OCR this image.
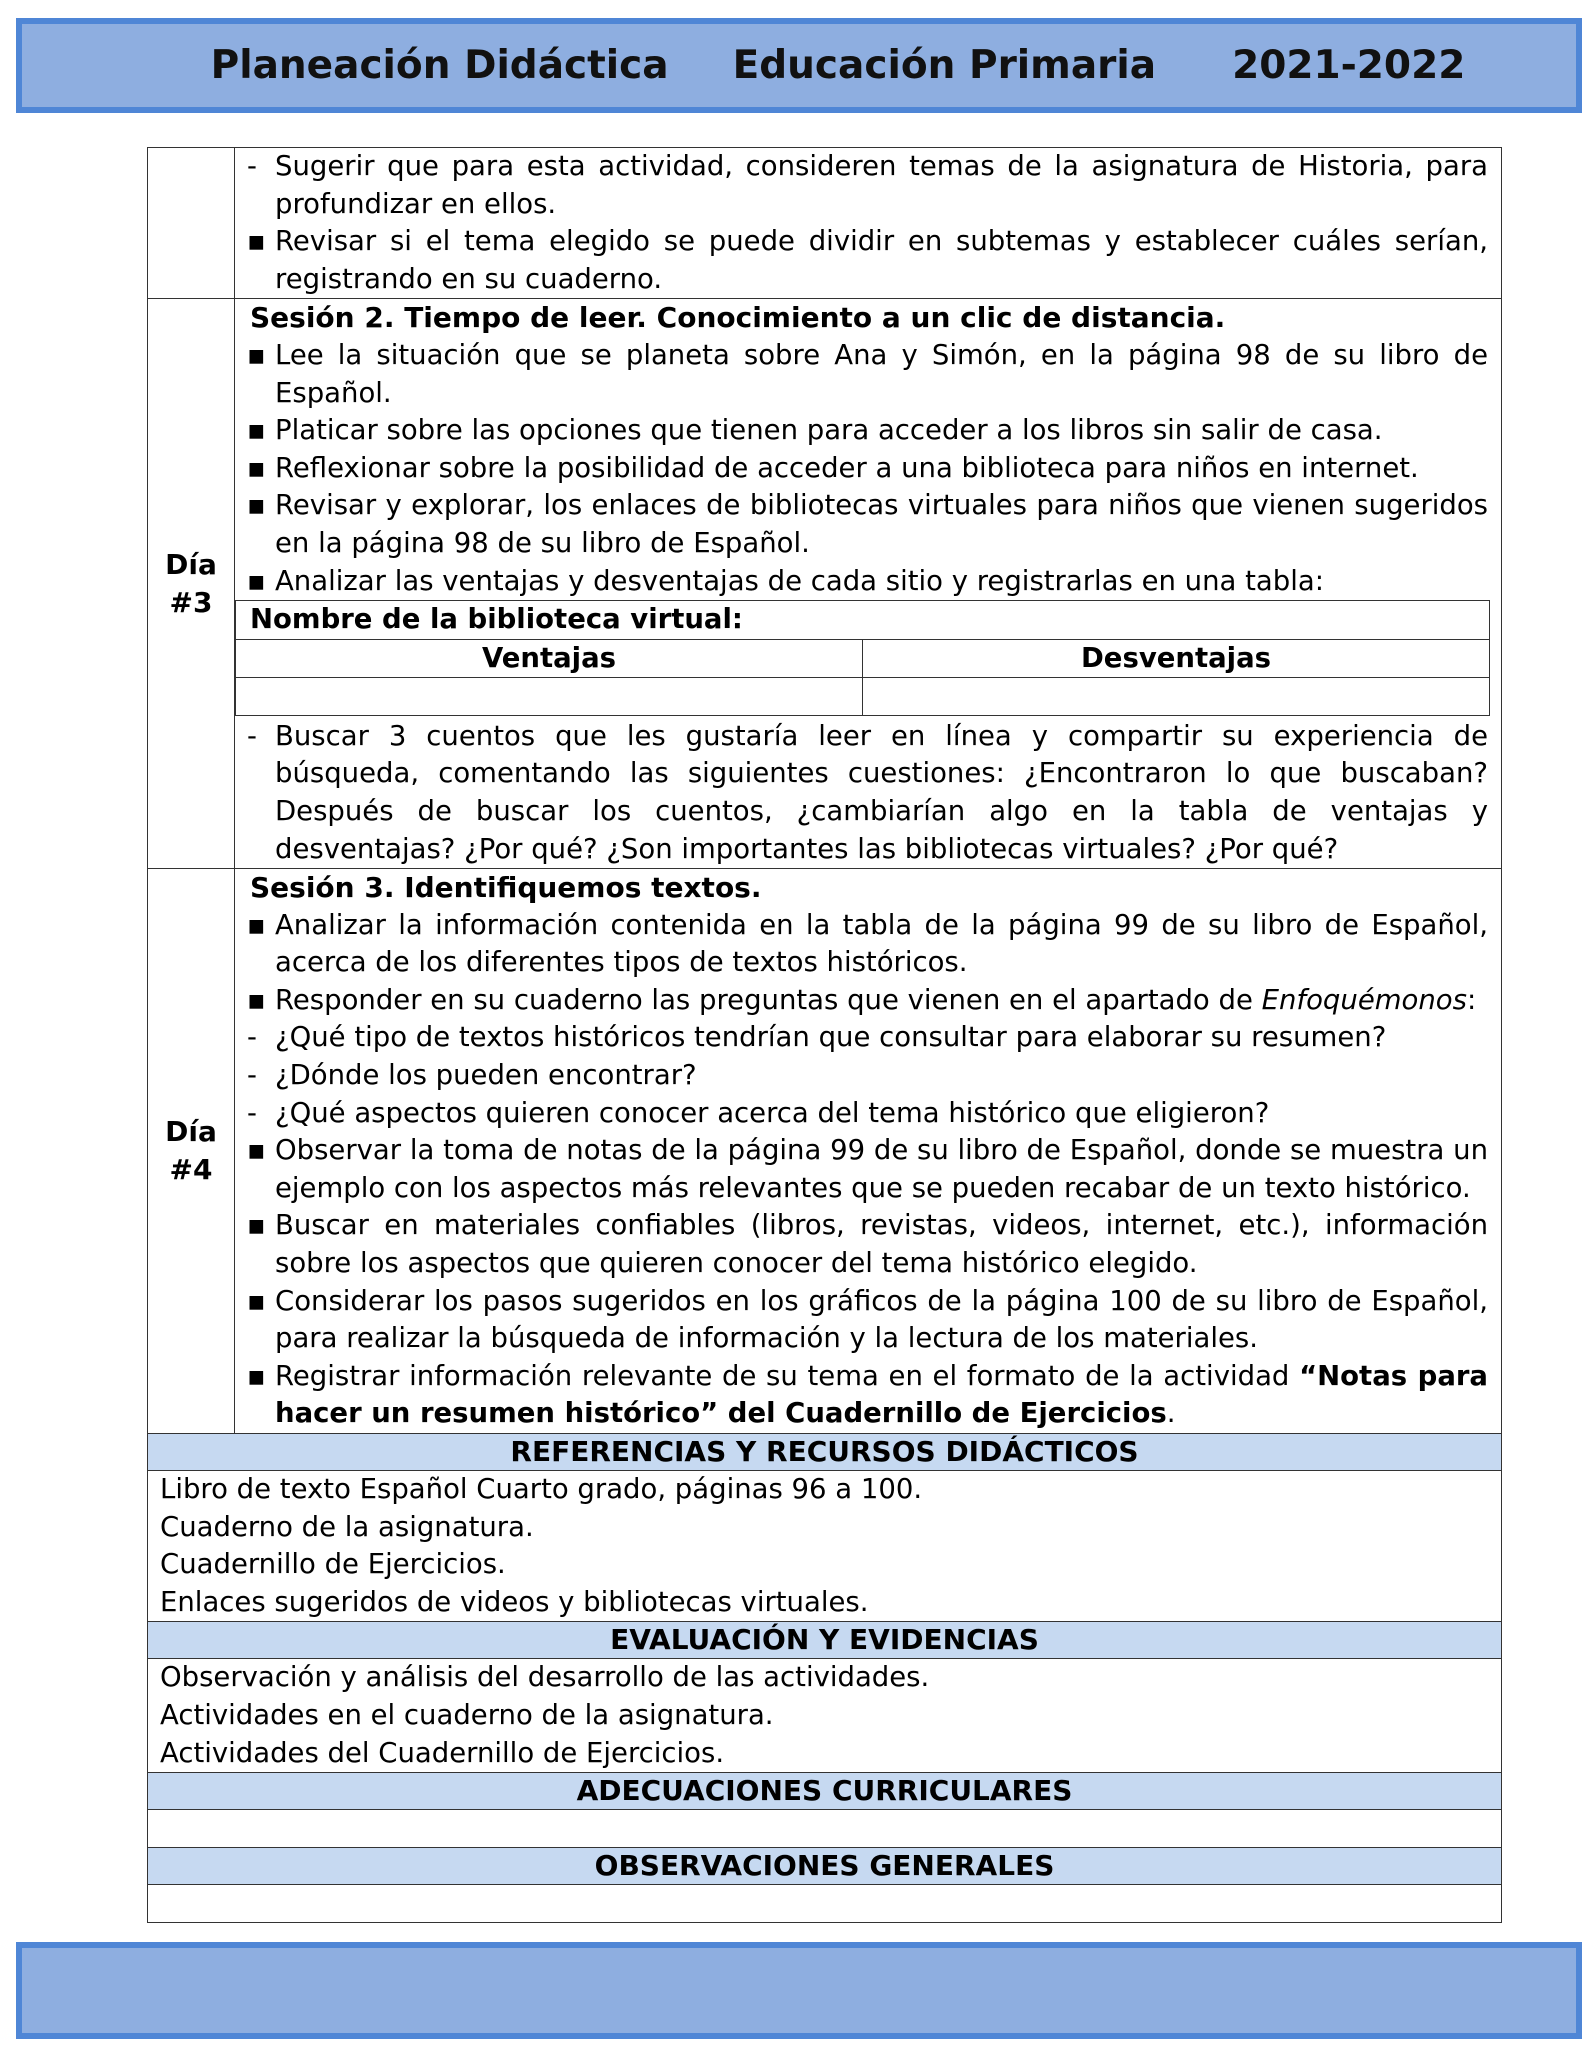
Planeación Didáctica Educación Primaria 2021-2022
- Sugerir que para esta actividad, consideren temas de la asignatura de Historia, para profundizar en ellos.
▪ Revisar si el tema elegido se puede dividir en subtemas y establecer cuáles serían, registrando en su cuaderno.
Día #3
Sesión 2. Tiempo de leer. Conocimiento a un clic de distancia.
▪ Lee la situación que se planeta sobre Ana y Simón, en la página 98 de su libro de Español.
▪ Platicar sobre las opciones que tienen para acceder a los libros sin salir de casa.
▪ Reflexionar sobre la posibilidad de acceder a una biblioteca para niños en internet.
▪ Revisar y explorar, los enlaces de bibliotecas virtuales para niños que vienen sugeridos en la página 98 de su libro de Español.
▪ Analizar las ventajas y desventajas de cada sitio y registrarlas en una tabla:
Nombre de la biblioteca virtual:
Ventajas	Desventajas
- Buscar 3 cuentos que les gustaría leer en línea y compartir su experiencia de búsqueda, comentando las siguientes cuestiones: ¿Encontraron lo que buscaban? Después de buscar los cuentos, ¿cambiarían algo en la tabla de ventajas y desventajas? ¿Por qué? ¿Son importantes las bibliotecas virtuales? ¿Por qué?
Día #4
Sesión 3. Identifiquemos textos.
▪ Analizar la información contenida en la tabla de la página 99 de su libro de Español, acerca de los diferentes tipos de textos históricos.
▪ Responder en su cuaderno las preguntas que vienen en el apartado de Enfoquémonos:
- ¿Qué tipo de textos históricos tendrían que consultar para elaborar su resumen?
- ¿Dónde los pueden encontrar?
- ¿Qué aspectos quieren conocer acerca del tema histórico que eligieron?
▪ Observar la toma de notas de la página 99 de su libro de Español, donde se muestra un ejemplo con los aspectos más relevantes que se pueden recabar de un texto histórico.
▪ Buscar en materiales confiables (libros, revistas, videos, internet, etc.), información sobre los aspectos que quieren conocer del tema histórico elegido.
▪ Considerar los pasos sugeridos en los gráficos de la página 100 de su libro de Español, para realizar la búsqueda de información y la lectura de los materiales.
▪ Registrar información relevante de su tema en el formato de la actividad “Notas para hacer un resumen histórico” del Cuadernillo de Ejercicios.
REFERENCIAS Y RECURSOS DIDÁCTICOS
Libro de texto Español Cuarto grado, páginas 96 a 100.
Cuaderno de la asignatura.
Cuadernillo de Ejercicios.
Enlaces sugeridos de videos y bibliotecas virtuales.
EVALUACIÓN Y EVIDENCIAS
Observación y análisis del desarrollo de las actividades.
Actividades en el cuaderno de la asignatura.
Actividades del Cuadernillo de Ejercicios.
ADECUACIONES CURRICULARES
OBSERVACIONES GENERALES
